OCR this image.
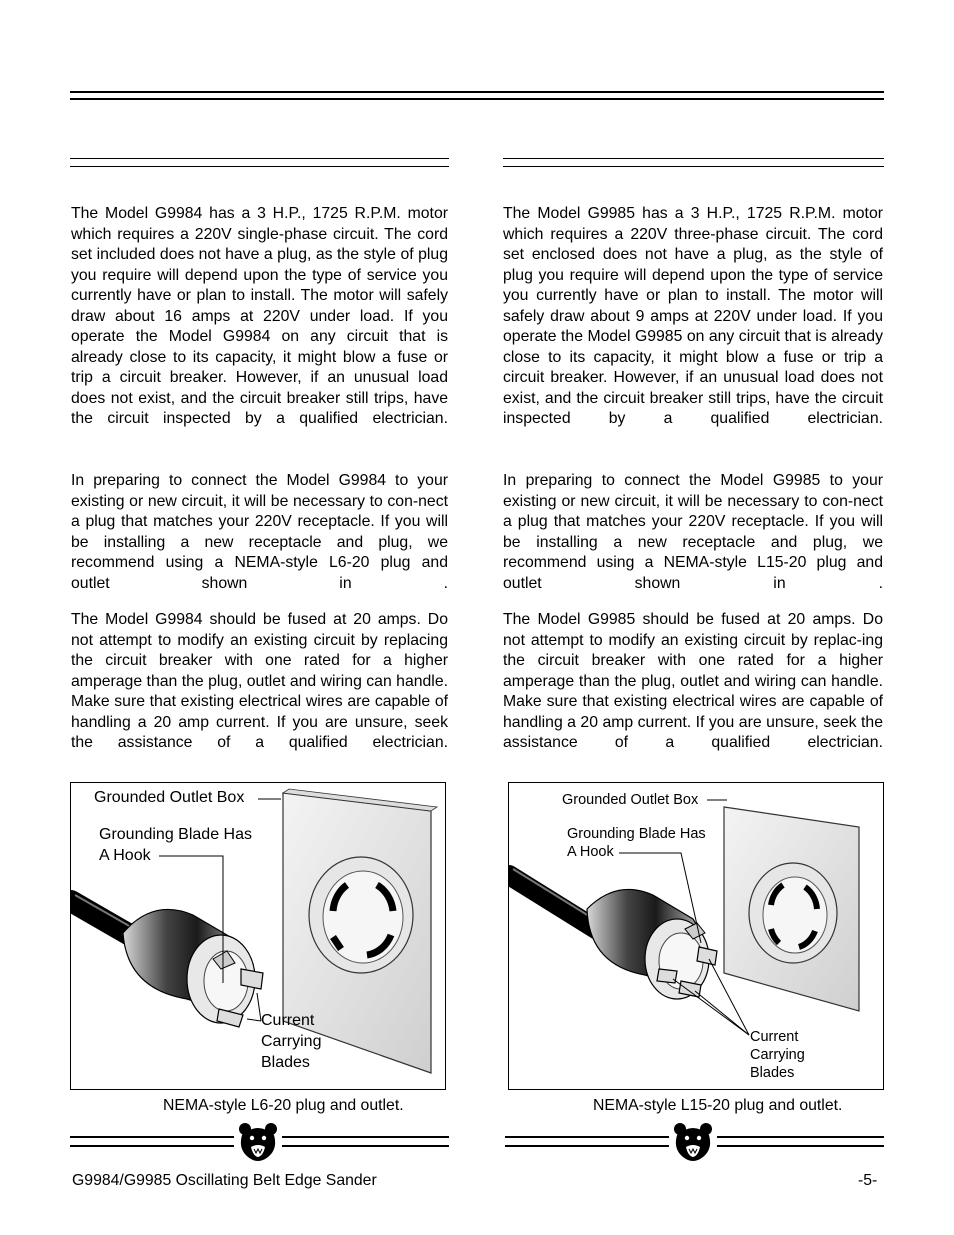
The Model G9984 has a 3 H.P., 1725 R.P.M. motor which requires a 220V single-phase circuit. The cord set included does not have a plug, as the style of plug you require will depend upon the type of service you currently have or plan to install. The motor will safely draw about 16 amps at 220V under load. If you operate the Model G9984 on any circuit that is already close to its capacity, it might blow a fuse or trip a circuit breaker. However, if an unusual load does not exist, and the circuit breaker still trips, have the circuit inspected by a qualified electrician.

In preparing to connect the Model G9984 to your existing or new circuit, it will be necessary to con-nect a plug that matches your 220V receptacle. If you will be installing a new receptacle and plug, we recommend using a NEMA-style L6-20 plug and outlet shown in .

The Model G9984 should be fused at 20 amps. Do not attempt to modify an existing circuit by replacing the circuit breaker with one rated for a higher amperage than the plug, outlet and wiring can handle. Make sure that existing electrical wires are capable of handling a 20 amp current. If you are unsure, seek the assistance of a qualified electrician.

The Model G9985 has a 3 H.P., 1725 R.P.M. motor which requires a 220V three-phase circuit. The cord set enclosed does not have a plug, as the style of plug you require will depend upon the type of service you currently have or plan to install. The motor will safely draw about 9 amps at 220V under load. If you operate the Model G9985 on any circuit that is already close to its capacity, it might blow a fuse or trip a circuit breaker. However, if an unusual load does not exist, and the circuit breaker still trips, have the circuit inspected by a qualified electrician.

In preparing to connect the Model G9985 to your existing or new circuit, it will be necessary to con-nect a plug that matches your 220V receptacle. If you will be installing a new receptacle and plug, we recommend using a NEMA-style L15-20 plug and outlet shown in .

The Model G9985 should be fused at 20 amps. Do not attempt to modify an existing circuit by replac-ing the circuit breaker with one rated for a higher amperage than the plug, outlet and wiring can handle. Make sure that existing electrical wires are capable of handling a 20 amp current. If you are unsure, seek the assistance of a qualified electrician.

Grounded Outlet Box
Grounding Blade Has
A Hook
Current
Carrying
Blades
NEMA-style L6-20 plug and outlet.
Grounded Outlet Box
Grounding Blade Has
A Hook
Current
Carrying
Blades
NEMA-style L15-20 plug and outlet.
G9984/G9985 Oscillating Belt Edge Sander	-5-
